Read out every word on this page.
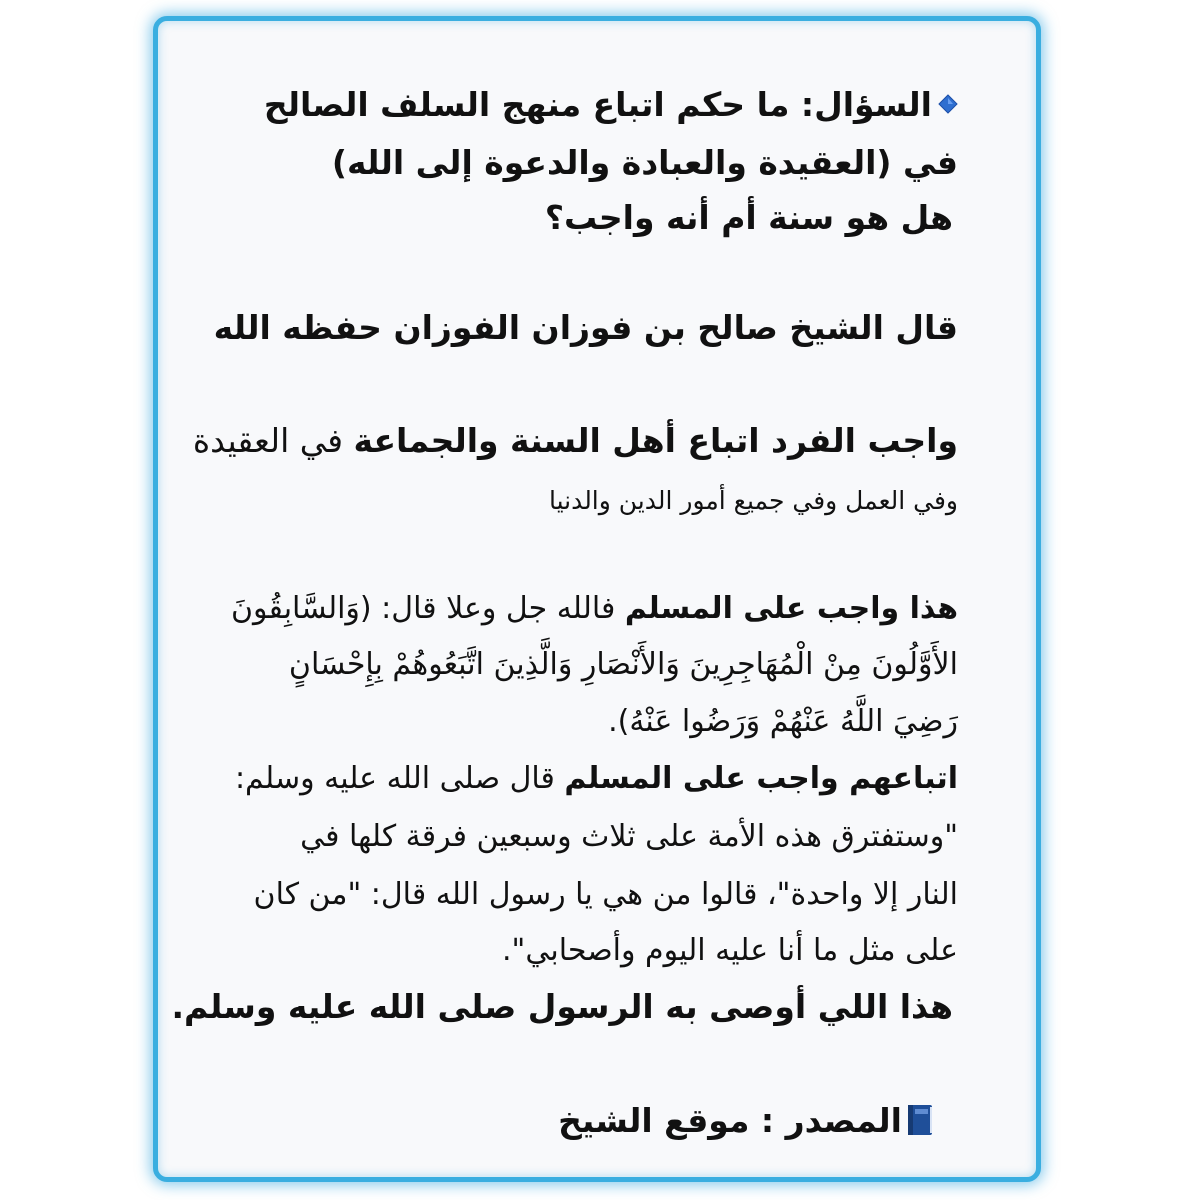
السؤال: ما حكم اتباع منهج السلف الصالح
في (العقيدة والعبادة والدعوة إلى الله)
هل هو سنة أم أنه واجب؟
قال الشيخ صالح بن فوزان الفوزان حفظه الله
واجب الفرد اتباع أهل السنة والجماعة في العقيدة
وفي العمل وفي جميع أمور الدين والدنيا
هذا واجب على المسلم فالله جل وعلا قال: (وَالسَّابِقُونَ
الأَوَّلُونَ مِنْ الْمُهَاجِرِينَ وَالأَنْصَارِ وَالَّذِينَ اتَّبَعُوهُمْ بِإِحْسَانٍ
رَضِيَ اللَّهُ عَنْهُمْ وَرَضُوا عَنْهُ).
اتباعهم واجب على المسلم قال صلى الله عليه وسلم:
"وستفترق هذه الأمة على ثلاث وسبعين فرقة كلها في
النار إلا واحدة"، قالوا من هي يا رسول الله قال: "من كان
على مثل ما أنا عليه اليوم وأصحابي".
هذا اللي أوصى به الرسول صلى الله عليه وسلم.
المصدر : موقع الشيخ
